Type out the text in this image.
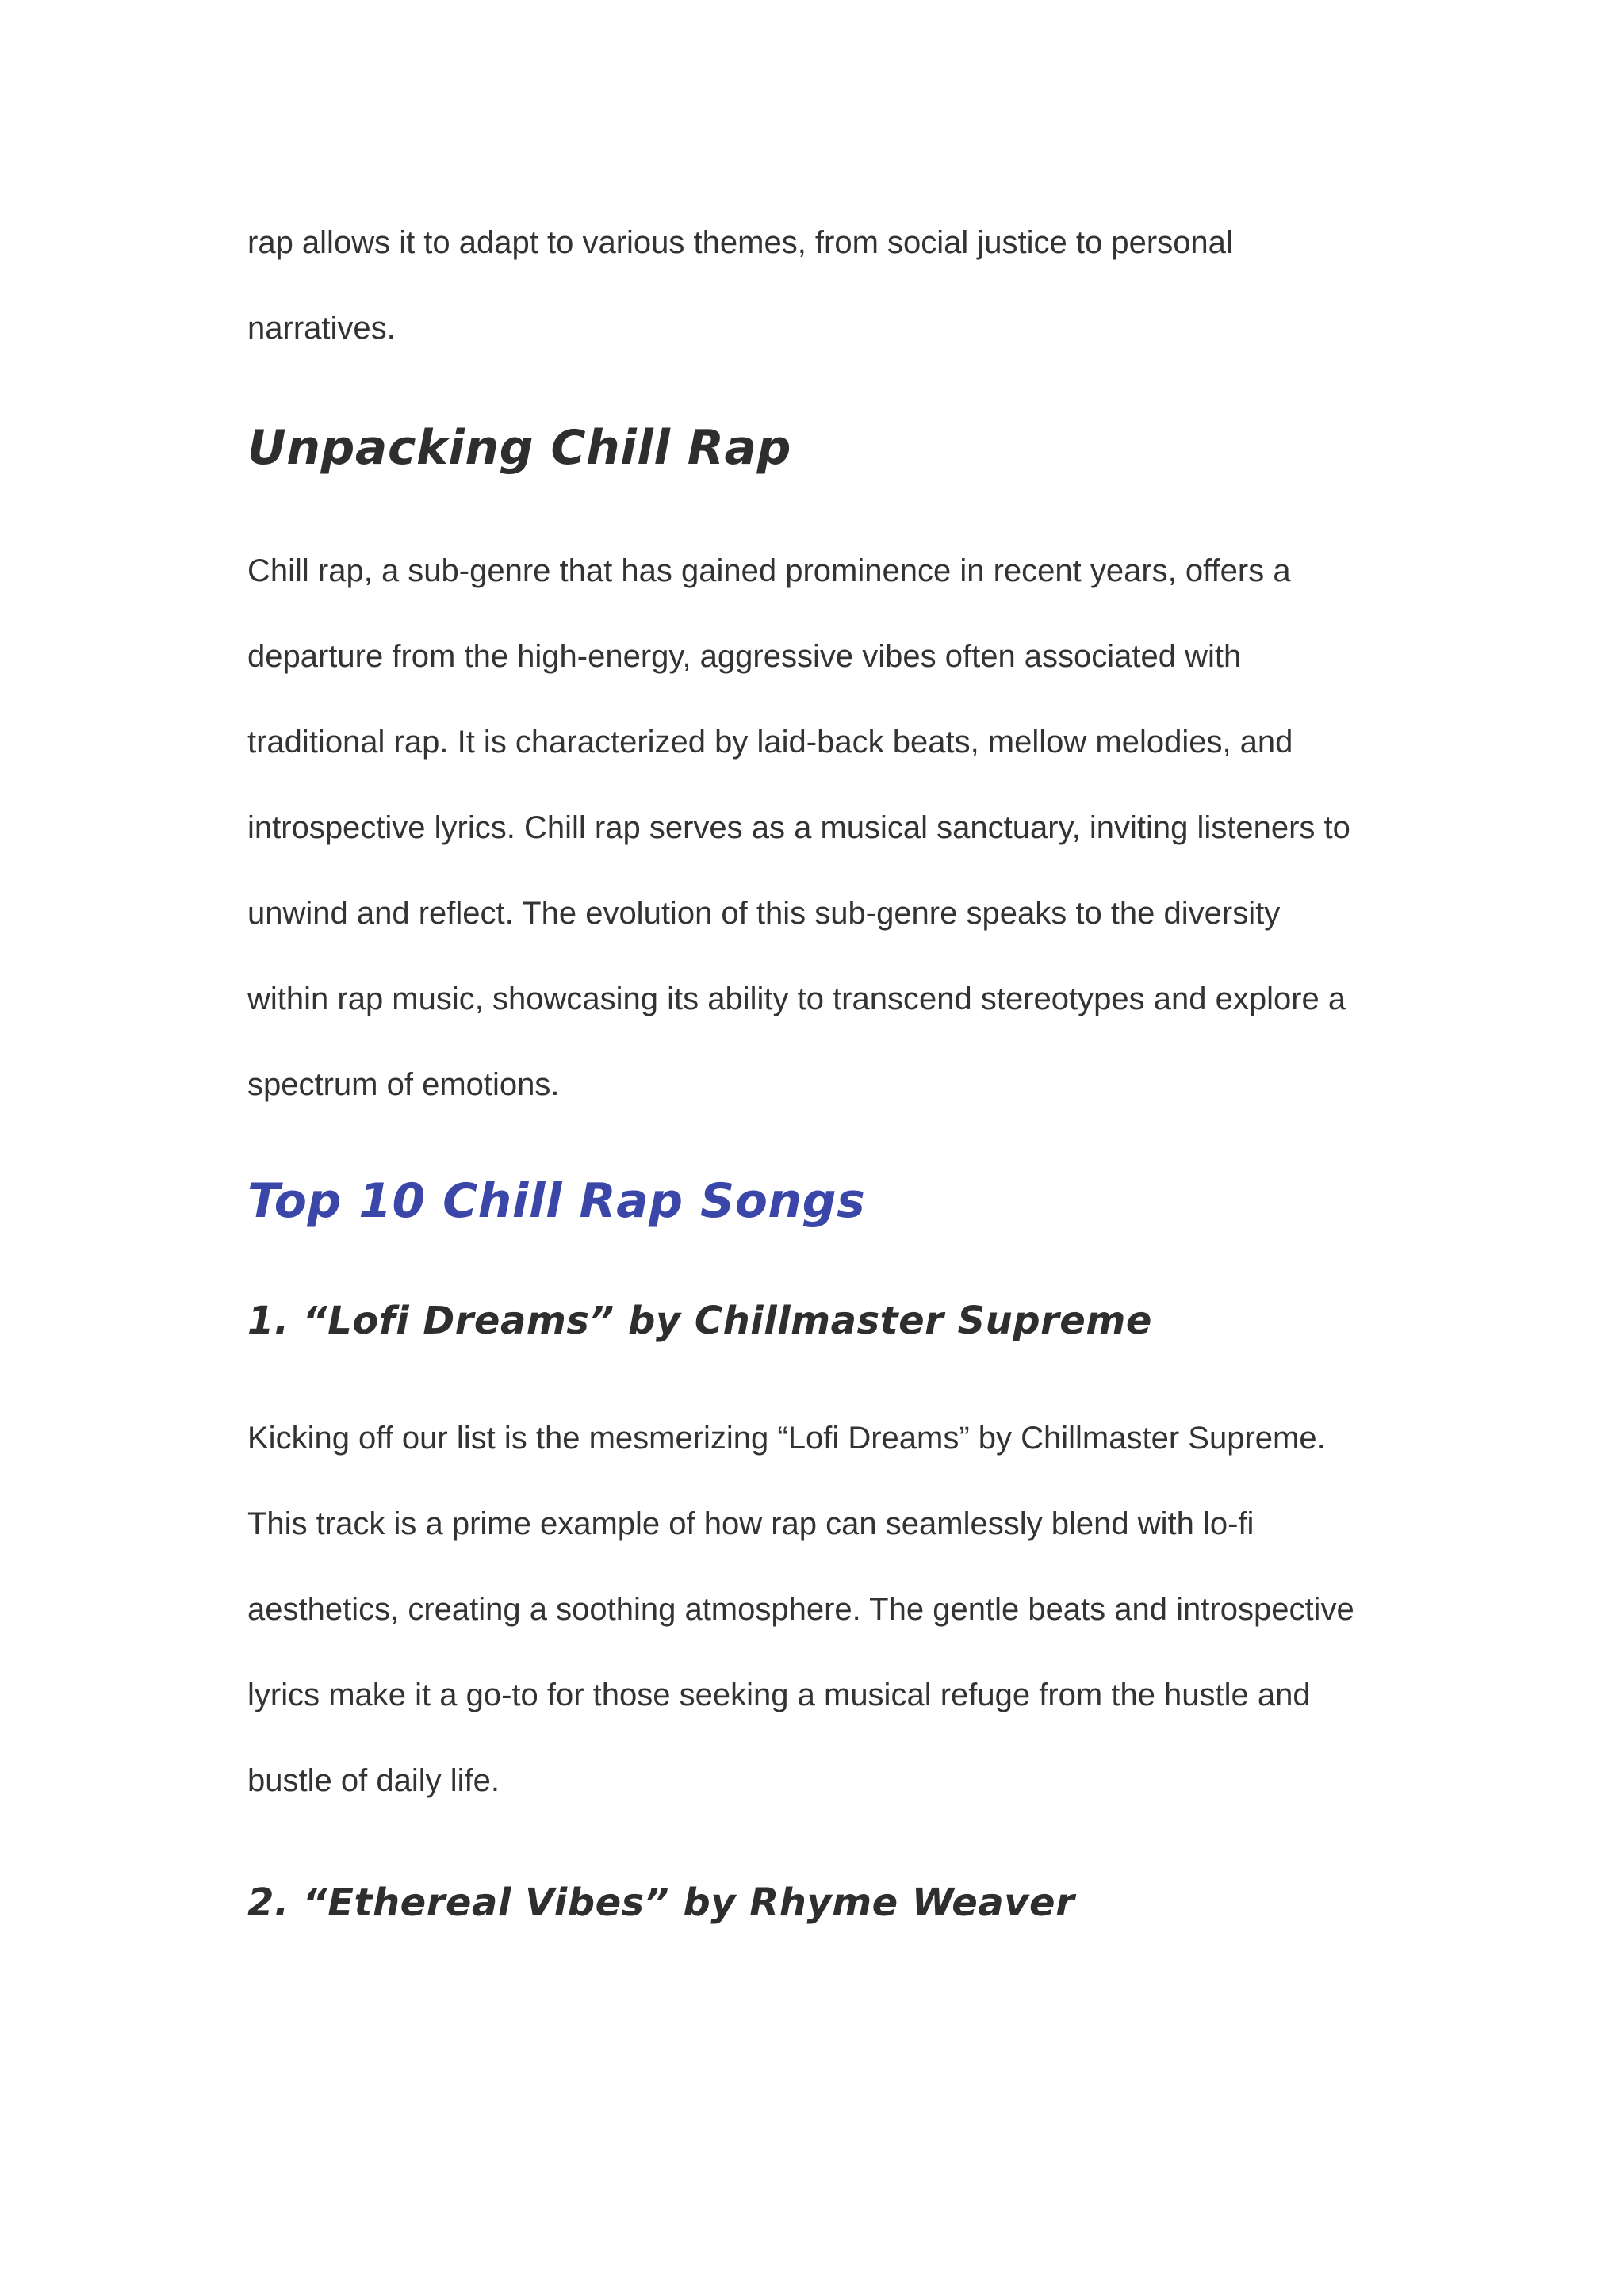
rap allows it to adapt to various themes, from social justice to personal
narratives.
Unpacking Chill Rap
Chill rap, a sub-genre that has gained prominence in recent years, offers a
departure from the high-energy, aggressive vibes often associated with
traditional rap. It is characterized by laid-back beats, mellow melodies, and
introspective lyrics. Chill rap serves as a musical sanctuary, inviting listeners to
unwind and reflect. The evolution of this sub-genre speaks to the diversity
within rap music, showcasing its ability to transcend stereotypes and explore a
spectrum of emotions.
Top 10 Chill Rap Songs
1. “Lofi Dreams” by Chillmaster Supreme
Kicking off our list is the mesmerizing “Lofi Dreams” by Chillmaster Supreme.
This track is a prime example of how rap can seamlessly blend with lo-fi
aesthetics, creating a soothing atmosphere. The gentle beats and introspective
lyrics make it a go-to for those seeking a musical refuge from the hustle and
bustle of daily life.
2. “Ethereal Vibes” by Rhyme Weaver
